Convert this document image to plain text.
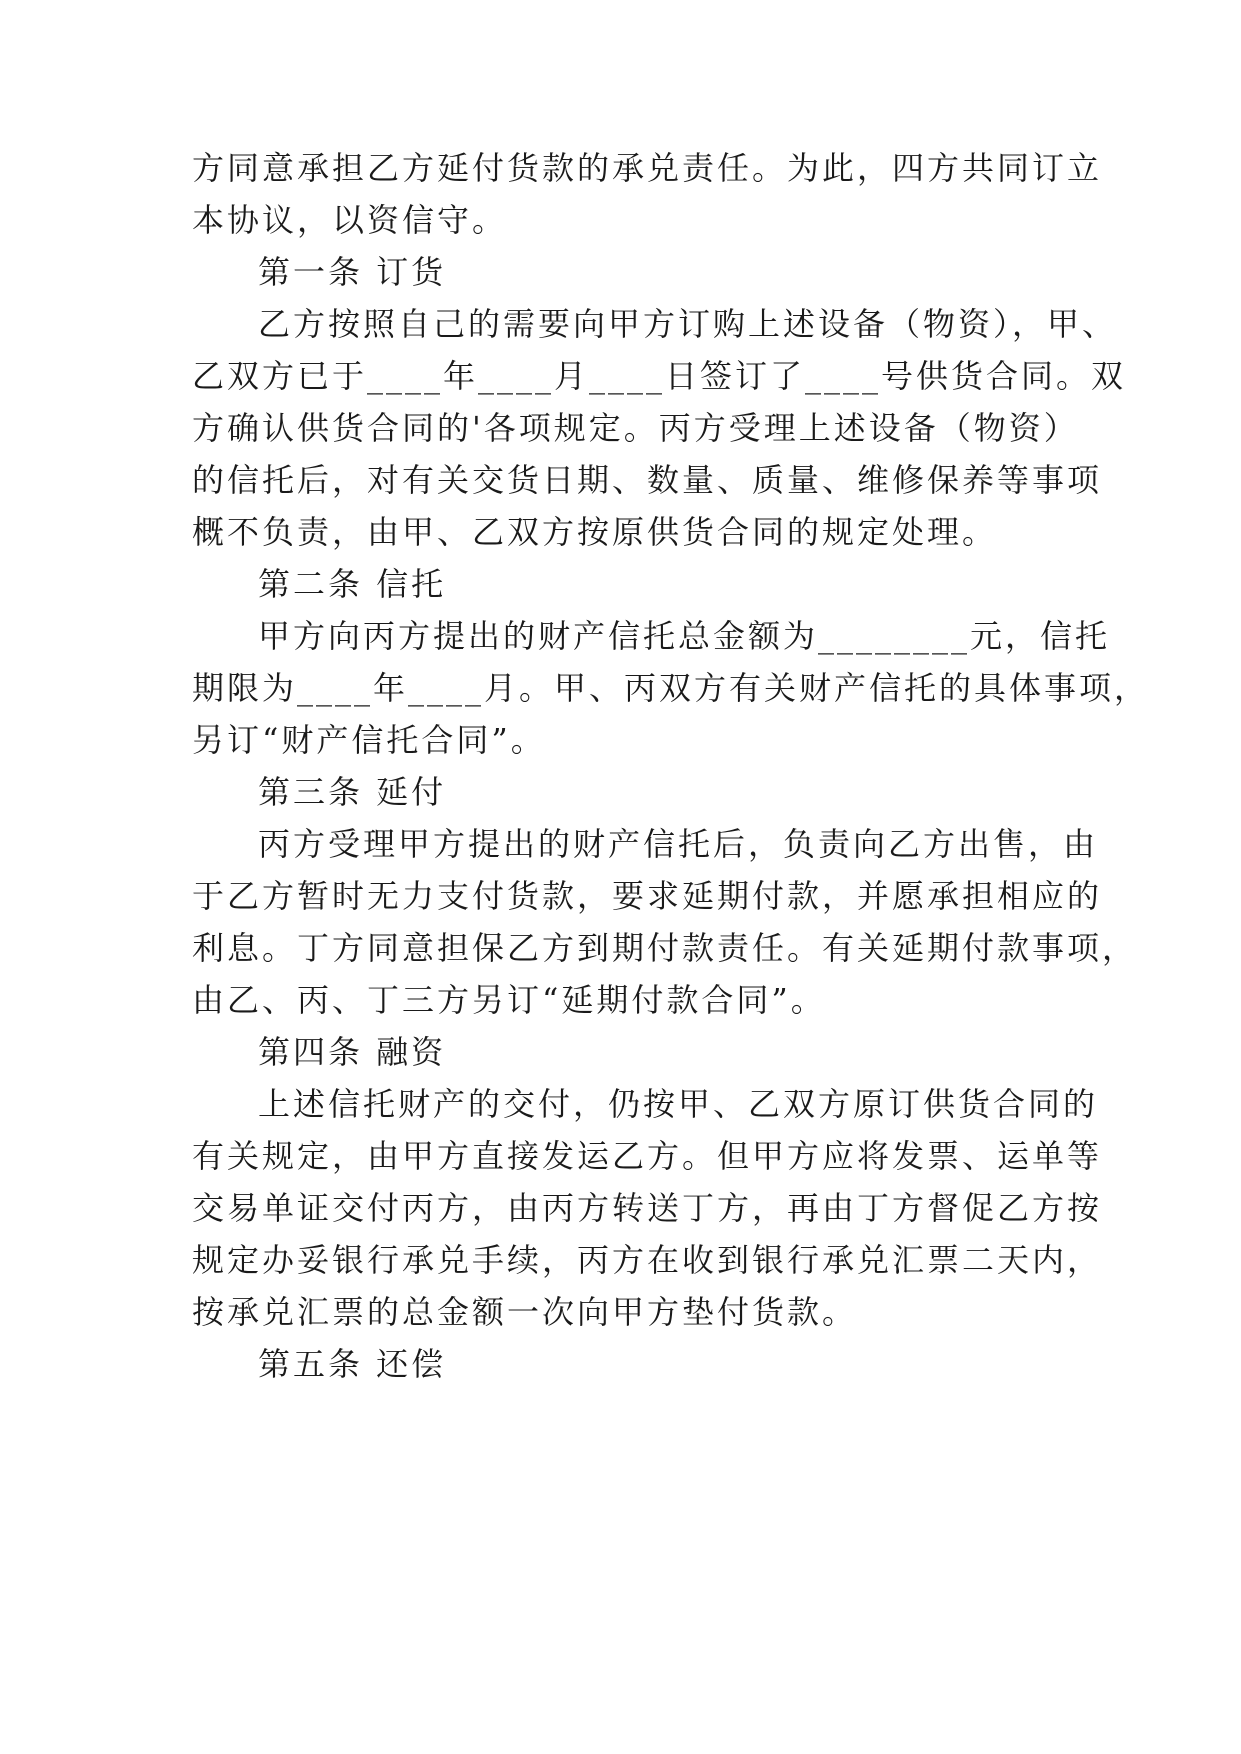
方同意承担乙方延付货款的承兑责任。为此，四方共同订立
本协议，以资信守。
第一条 订货
乙方按照自己的需要向甲方订购上述设备（物资），甲、
乙双方已于____年____月____日签订了____号供货合同。双
方确认供货合同的'各项规定。丙方受理上述设备（物资）
的信托后，对有关交货日期、数量、质量、维修保养等事项
概不负责，由甲、乙双方按原供货合同的规定处理。
第二条 信托
甲方向丙方提出的财产信托总金额为________元，信托
期限为____年____月。甲、丙双方有关财产信托的具体事项，
另订“财产信托合同”。
第三条 延付
丙方受理甲方提出的财产信托后，负责向乙方出售，由
于乙方暂时无力支付货款，要求延期付款，并愿承担相应的
利息。丁方同意担保乙方到期付款责任。有关延期付款事项，
由乙、丙、丁三方另订“延期付款合同”。
第四条 融资
上述信托财产的交付，仍按甲、乙双方原订供货合同的
有关规定，由甲方直接发运乙方。但甲方应将发票、运单等
交易单证交付丙方，由丙方转送丁方，再由丁方督促乙方按
规定办妥银行承兑手续，丙方在收到银行承兑汇票二天内，
按承兑汇票的总金额一次向甲方垫付货款。
第五条 还偿
